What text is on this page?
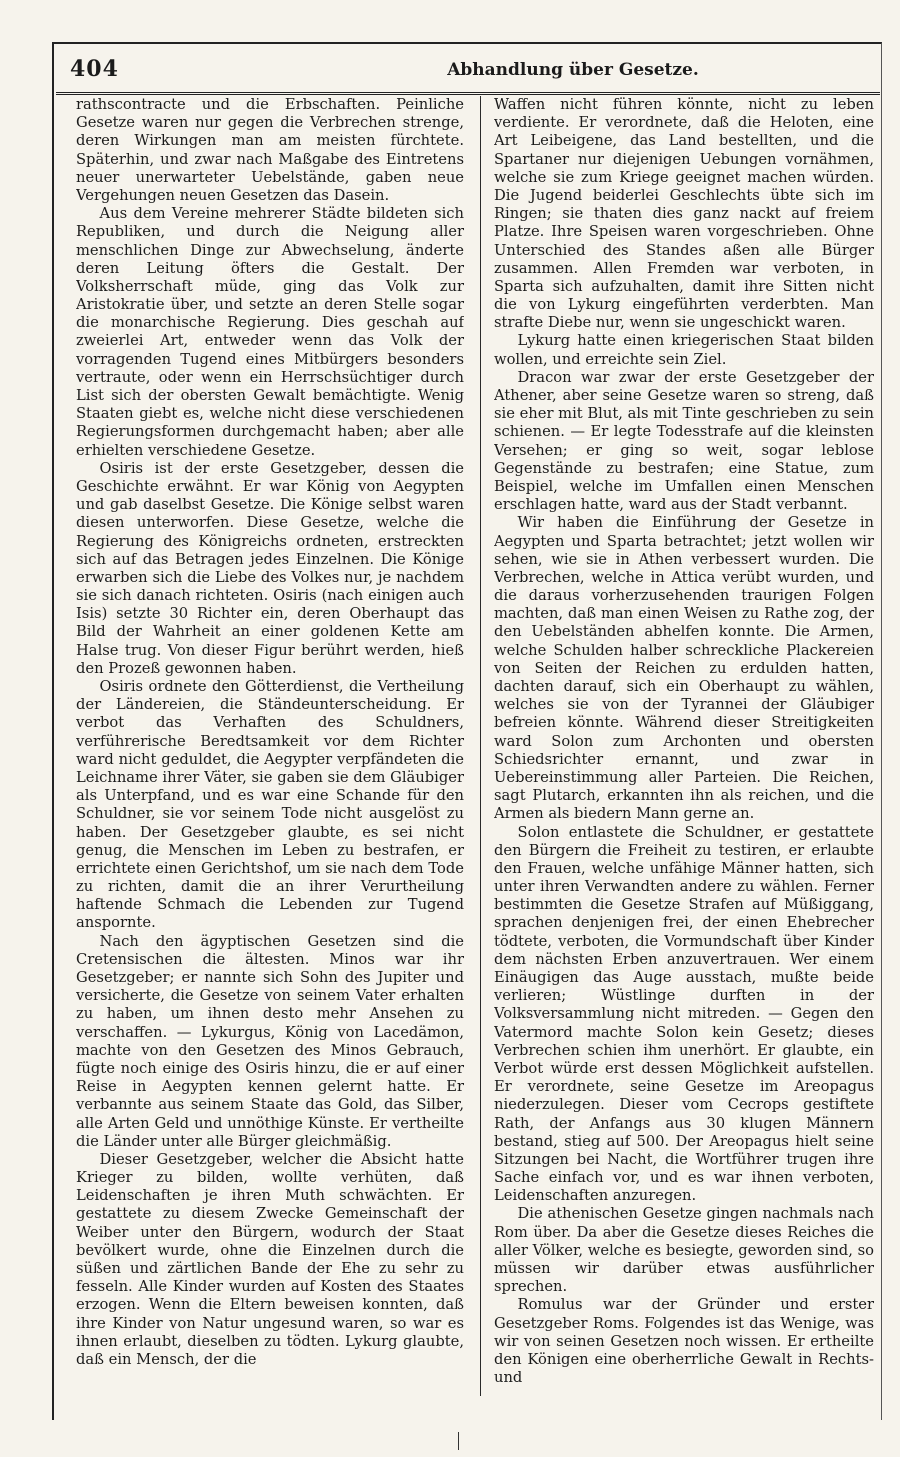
404	Abhandlung über Gesetze.

rathscontracte und die Erbschaften. Peinliche Gesetze waren nur gegen die Verbrechen strenge, deren Wirkungen man am meisten fürchtete. Späterhin, und zwar nach Maßgabe des Eintretens neuer unerwarteter Uebelstände, gaben neue Vergehungen neuen Gesetzen das Dasein.

Aus dem Vereine mehrerer Städte bildeten sich Republiken, und durch die Neigung aller menschlichen Dinge zur Abwechselung, änderte deren Leitung öfters die Gestalt. Der Volksherrschaft müde, ging das Volk zur Aristokratie über, und setzte an deren Stelle sogar die monarchische Regierung. Dies geschah auf zweierlei Art, entweder wenn das Volk der vorragenden Tugend eines Mitbürgers besonders vertraute, oder wenn ein Herrschsüchtiger durch List sich der obersten Gewalt bemächtigte. Wenig Staaten giebt es, welche nicht diese verschiedenen Regierungsformen durchgemacht haben; aber alle erhielten verschiedene Gesetze.

Osiris ist der erste Gesetzgeber, dessen die Geschichte erwähnt. Er war König von Aegypten und gab daselbst Gesetze. Die Könige selbst waren diesen unterworfen. Diese Gesetze, welche die Regierung des Königreichs ordneten, erstreckten sich auf das Betragen jedes Einzelnen. Die Könige erwarben sich die Liebe des Volkes nur, je nachdem sie sich danach richteten. Osiris (nach einigen auch Isis) setzte 30 Richter ein, deren Oberhaupt das Bild der Wahrheit an einer goldenen Kette am Halse trug. Von dieser Figur berührt werden, hieß den Prozeß gewonnen haben.

Osiris ordnete den Götterdienst, die Vertheilung der Ländereien, die Ständeunterscheidung. Er verbot das Verhaften des Schuldners, verführerische Beredtsamkeit vor dem Richter ward nicht geduldet, die Aegypter verpfändeten die Leichname ihrer Väter, sie gaben sie dem Gläubiger als Unterpfand, und es war eine Schande für den Schuldner, sie vor seinem Tode nicht ausgelöst zu haben. Der Gesetzgeber glaubte, es sei nicht genug, die Menschen im Leben zu bestrafen, er errichtete einen Gerichtshof, um sie nach dem Tode zu richten, damit die an ihrer Verurtheilung haftende Schmach die Lebenden zur Tugend anspornte.

Nach den ägyptischen Gesetzen sind die Cretensischen die ältesten. Minos war ihr Gesetzgeber; er nannte sich Sohn des Jupiter und versicherte, die Gesetze von seinem Vater erhalten zu haben, um ihnen desto mehr Ansehen zu verschaffen. — Lykurgus, König von Lacedämon, machte von den Gesetzen des Minos Gebrauch, fügte noch einige des Osiris hinzu, die er auf einer Reise in Aegypten kennen gelernt hatte. Er verbannte aus seinem Staate das Gold, das Silber, alle Arten Geld und unnöthige Künste. Er vertheilte die Länder unter alle Bürger gleichmäßig.

Dieser Gesetzgeber, welcher die Absicht hatte Krieger zu bilden, wollte verhüten, daß Leidenschaften je ihren Muth schwächten. Er gestattete zu diesem Zwecke Gemeinschaft der Weiber unter den Bürgern, wodurch der Staat bevölkert wurde, ohne die Einzelnen durch die süßen und zärtlichen Bande der Ehe zu sehr zu fesseln. Alle Kinder wurden auf Kosten des Staates erzogen. Wenn die Eltern beweisen konnten, daß ihre Kinder von Natur ungesund waren, so war es ihnen erlaubt, dieselben zu tödten. Lykurg glaubte, daß ein Mensch, der die

Waffen nicht führen könnte, nicht zu leben verdiente. Er verordnete, daß die Heloten, eine Art Leibeigene, das Land bestellten, und die Spartaner nur diejenigen Uebungen vornähmen, welche sie zum Kriege geeignet machen würden. Die Jugend beiderlei Geschlechts übte sich im Ringen; sie thaten dies ganz nackt auf freiem Platze. Ihre Speisen waren vorgeschrieben. Ohne Unterschied des Standes aßen alle Bürger zusammen. Allen Fremden war verboten, in Sparta sich aufzuhalten, damit ihre Sitten nicht die von Lykurg eingeführten verderbten. Man strafte Diebe nur, wenn sie ungeschickt waren.

Lykurg hatte einen kriegerischen Staat bilden wollen, und erreichte sein Ziel.

Dracon war zwar der erste Gesetzgeber der Athener, aber seine Gesetze waren so streng, daß sie eher mit Blut, als mit Tinte geschrieben zu sein schienen. — Er legte Todesstrafe auf die kleinsten Versehen; er ging so weit, sogar leblose Gegenstände zu bestrafen; eine Statue, zum Beispiel, welche im Umfallen einen Menschen erschlagen hatte, ward aus der Stadt verbannt.

Wir haben die Einführung der Gesetze in Aegypten und Sparta betrachtet; jetzt wollen wir sehen, wie sie in Athen verbessert wurden. Die Verbrechen, welche in Attica verübt wurden, und die daraus vorherzusehenden traurigen Folgen machten, daß man einen Weisen zu Rathe zog, der den Uebelständen abhelfen konnte. Die Armen, welche Schulden halber schreckliche Plackereien von Seiten der Reichen zu erdulden hatten, dachten darauf, sich ein Oberhaupt zu wählen, welches sie von der Tyrannei der Gläubiger befreien könnte. Während dieser Streitigkeiten ward Solon zum Archonten und obersten Schiedsrichter ernannt, und zwar in Uebereinstimmung aller Parteien. Die Reichen, sagt Plutarch, erkannten ihn als reichen, und die Armen als biedern Mann gerne an.

Solon entlastete die Schuldner, er gestattete den Bürgern die Freiheit zu testiren, er erlaubte den Frauen, welche unfähige Männer hatten, sich unter ihren Verwandten andere zu wählen. Ferner bestimmten die Gesetze Strafen auf Müßiggang, sprachen denjenigen frei, der einen Ehebrecher tödtete, verboten, die Vormundschaft über Kinder dem nächsten Erben anzuvertrauen. Wer einem Einäugigen das Auge ausstach, mußte beide verlieren; Wüstlinge durften in der Volksversammlung nicht mitreden. — Gegen den Vatermord machte Solon kein Gesetz; dieses Verbrechen schien ihm unerhört. Er glaubte, ein Verbot würde erst dessen Möglichkeit aufstellen. Er verordnete, seine Gesetze im Areopagus niederzulegen. Dieser vom Cecrops gestiftete Rath, der Anfangs aus 30 klugen Männern bestand, stieg auf 500. Der Areopagus hielt seine Sitzungen bei Nacht, die Wortführer trugen ihre Sache einfach vor, und es war ihnen verboten, Leidenschaften anzuregen.

Die athenischen Gesetze gingen nachmals nach Rom über. Da aber die Gesetze dieses Reiches die aller Völker, welche es besiegte, geworden sind, so müssen wir darüber etwas ausführlicher sprechen.

Romulus war der Gründer und erster Gesetzgeber Roms. Folgendes ist das Wenige, was wir von seinen Gesetzen noch wissen. Er ertheilte den Königen eine oberherrliche Gewalt in Rechts- und
